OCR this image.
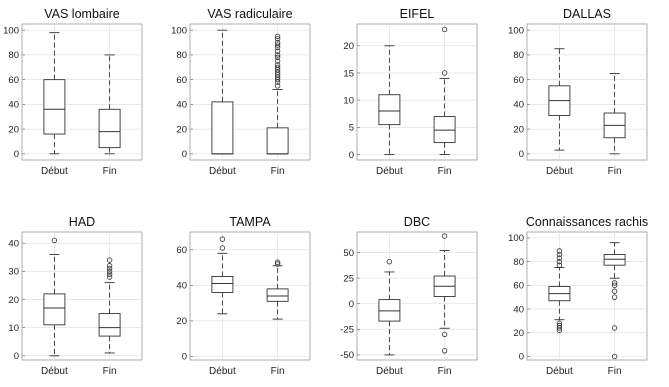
VAS lombaire
0
20
40
60
80
100
Début	Fin
VAS radiculaire
0
20
40
60
80
100
Début	Fin
EIFEL
0
5
10
15
20
Début	Fin
DALLAS
0
20
40
60
80
100
Début	Fin
HAD
0
10
20
30
40
Début	Fin
TAMPA
0
20
40
60
Début	Fin
DBC
-50
-25
0
25
50
Début	Fin
Connaissances rachis
0
20
40
60
80
100
Début	Fin
